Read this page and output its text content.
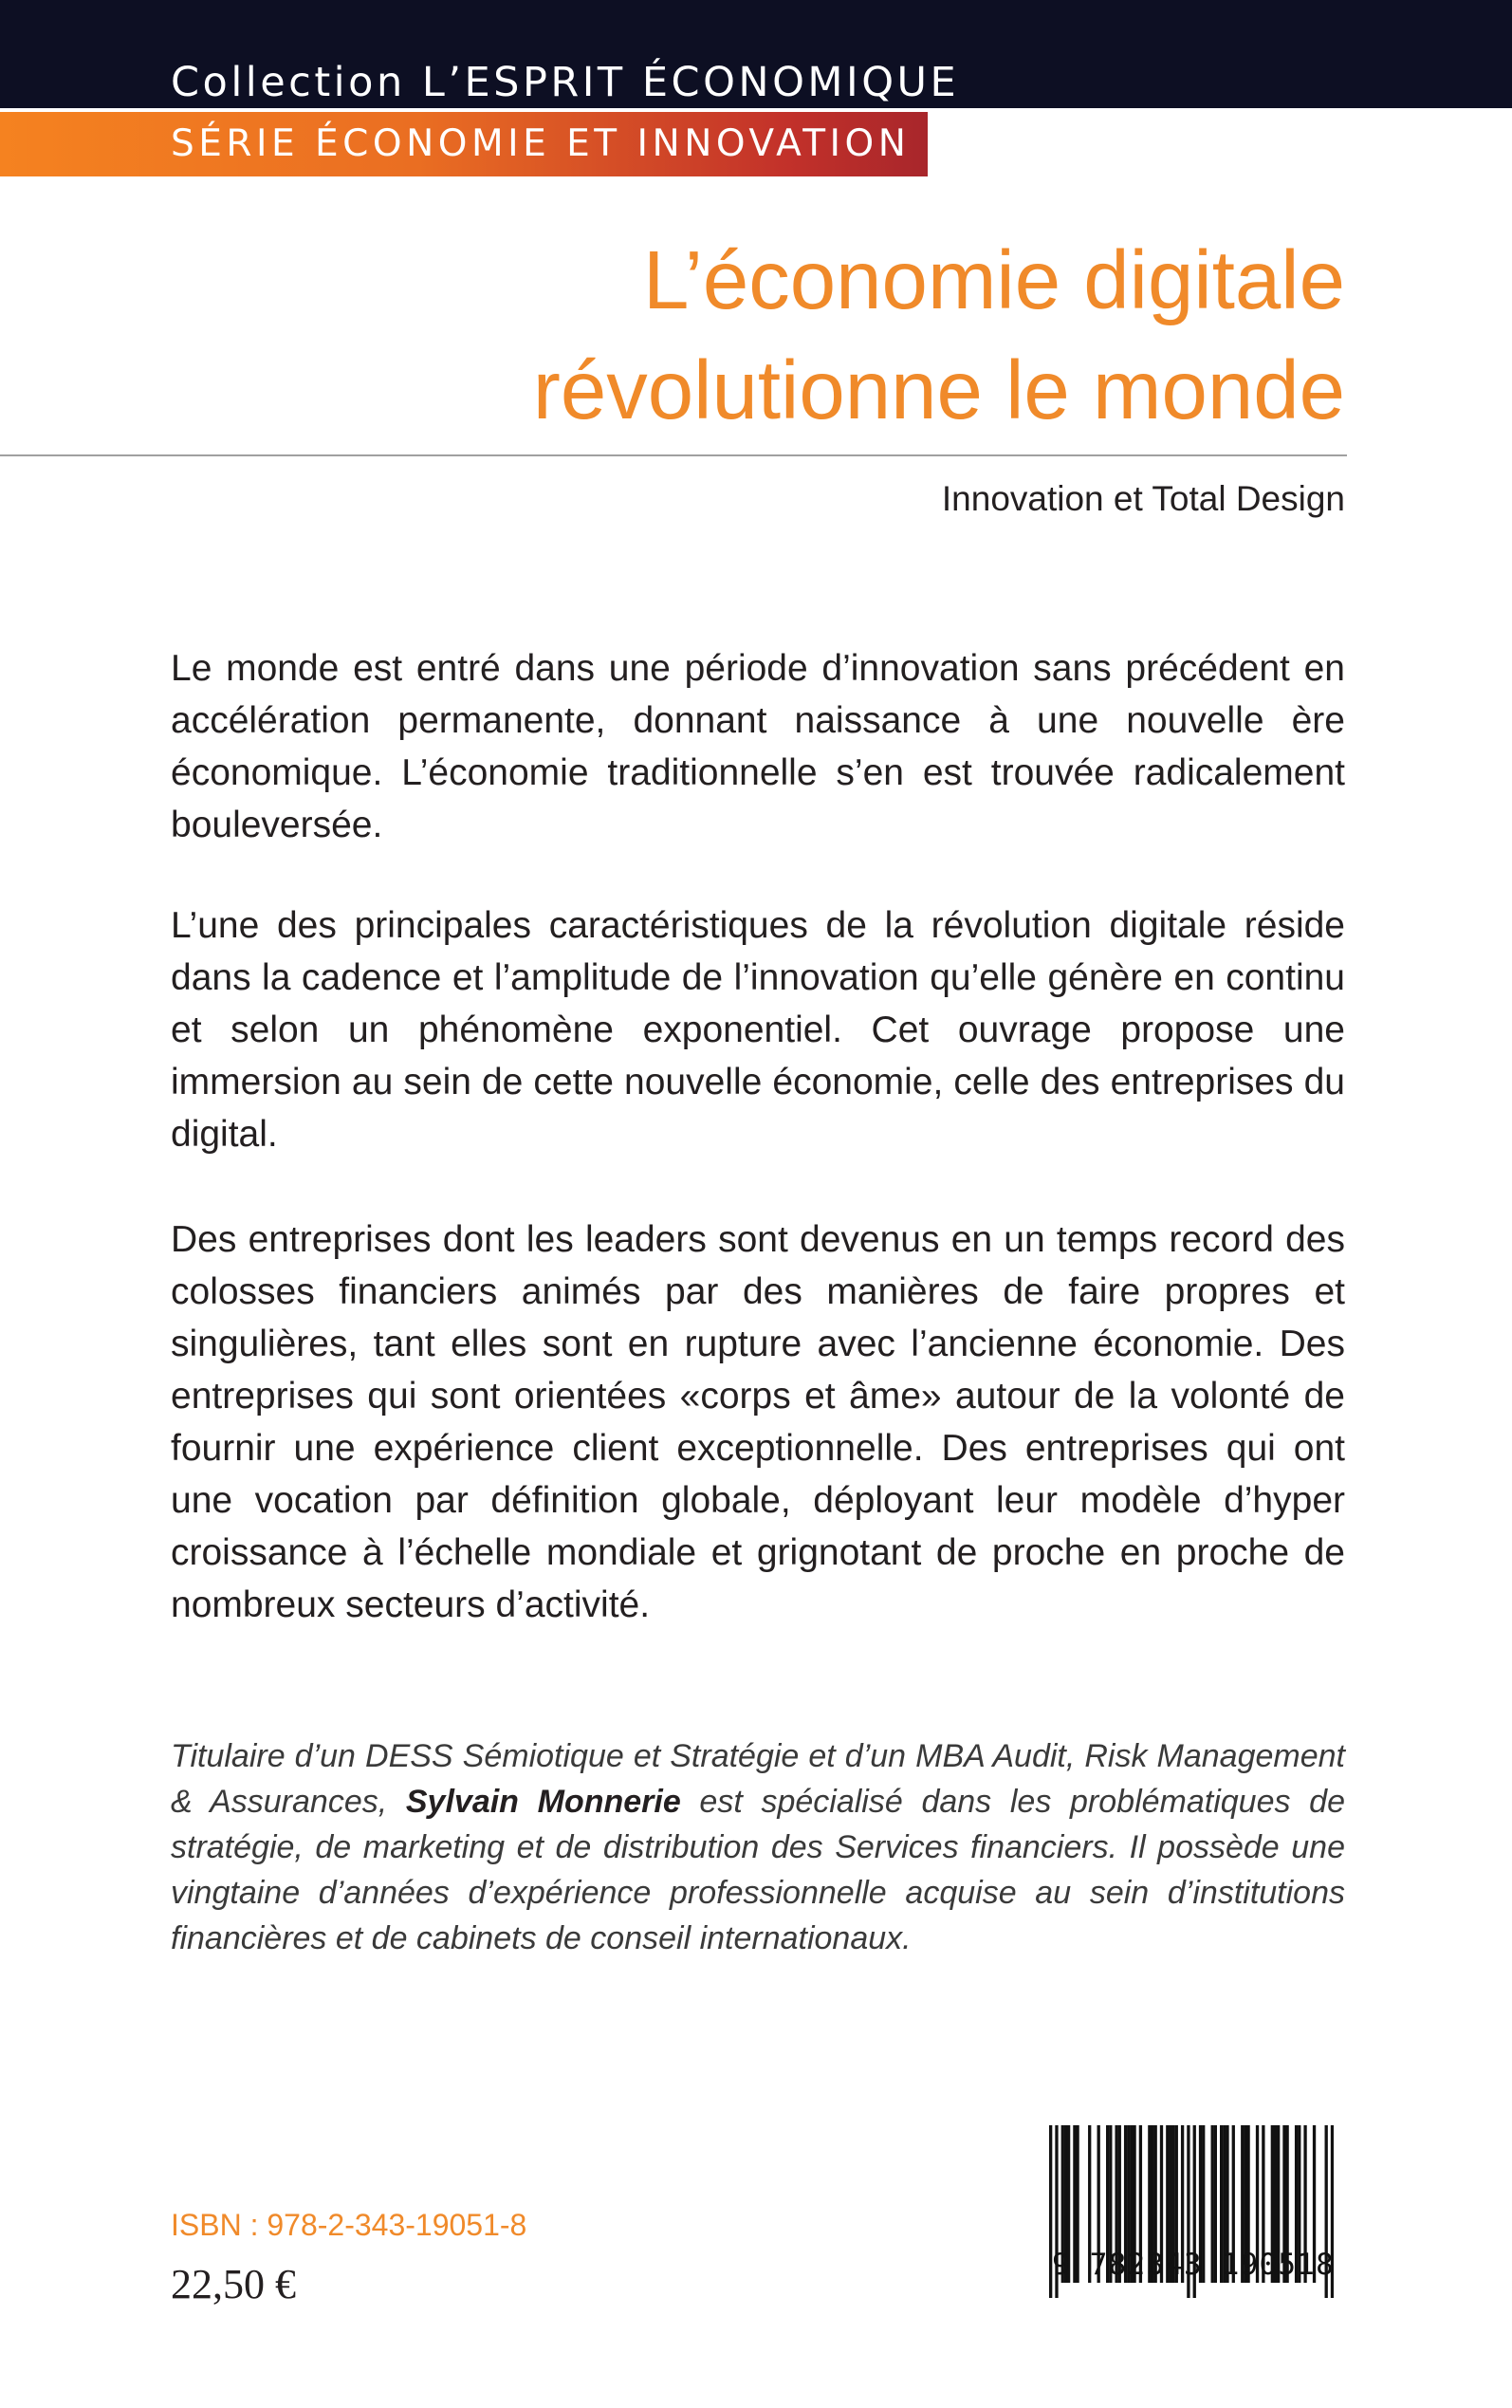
Collection L’ESPRIT ÉCONOMIQUE
SÉRIE ÉCONOMIE ET INNOVATION
L’économie digitale
révolutionne le monde
Innovation et Total Design

Le monde est entré dans une période d’innovation sans précédent en accélération permanente, donnant naissance à une nouvelle ère économique. L’économie traditionnelle s’en est trouvée radicalement bouleversée.

L’une des principales caractéristiques de la révolution digitale réside dans la cadence et l’amplitude de l’innovation qu’elle génère en continu et selon un phénomène exponentiel. Cet ouvrage propose une immersion au sein de cette nouvelle économie, celle des entreprises du digital.

Des entreprises dont les leaders sont devenus en un temps record des colosses financiers animés par des manières de faire propres et singulières, tant elles sont en rupture avec l’ancienne économie. Des entreprises qui sont orientées «corps et âme» autour de la volonté de fournir une expérience client exceptionnelle. Des entreprises qui ont une vocation par définition globale, déployant leur modèle d’hyper croissance à l’échelle mondiale et grignotant de proche en proche de nombreux secteurs d’activité.

Titulaire d’un DESS Sémiotique et Stratégie et d’un MBA Audit, Risk Management & Assurances, Sylvain Monnerie est spécialisé dans les problématiques de stratégie, de marketing et de distribution des Services financiers. Il possède une vingtaine d’années d’expérience professionnelle acquise au sein d’institutions financières et de cabinets de conseil internationaux.

ISBN : 978-2-343-19051-8
22,50 €	9 782343 190518
